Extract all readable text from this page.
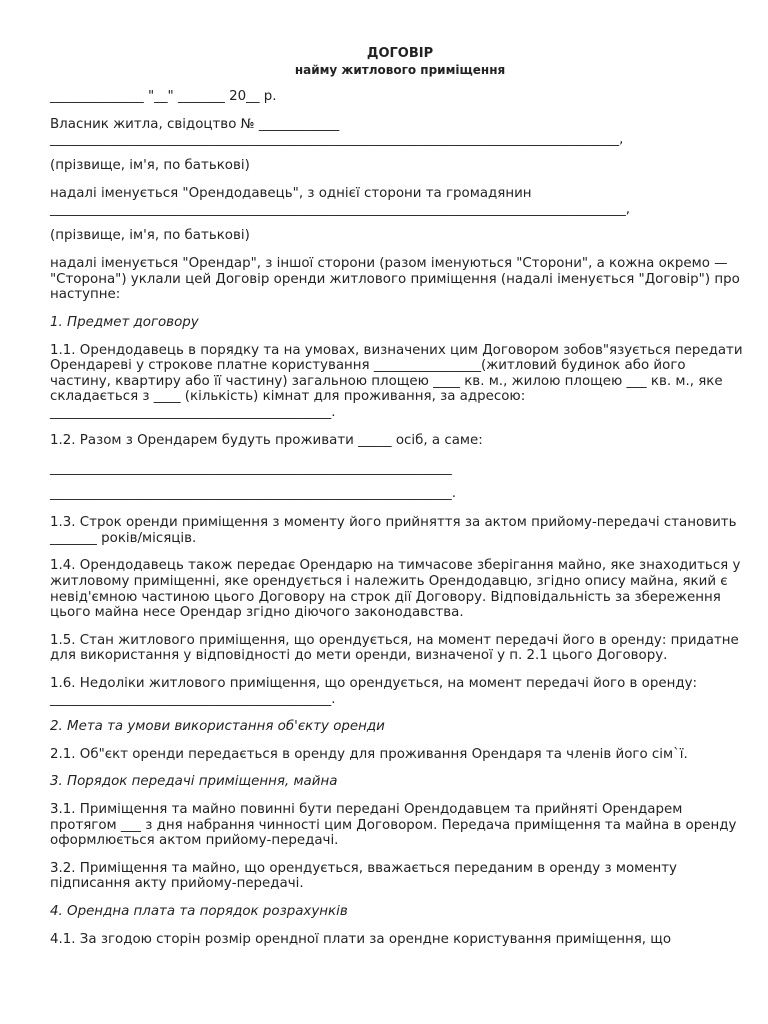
ДОГОВІР
найму житлового приміщення
______________ "__" _______ 20__ р.
Власник житла, свідоцтво № ____________
_____________________________________________________________________________________,
(прізвище, ім'я, по батькові)
надалі іменується "Орендодавець", з однієї сторони та громадянин
______________________________________________________________________________________,
(прізвище, ім'я, по батькові)
надалі іменується "Орендар", з іншої сторони (разом іменуються "Сторони", а кожна окремо — "Сторона") уклали цей Договір оренди житлового приміщення (надалі іменується "Договір") про наступне:
1. Предмет договору
1.1. Орендодавець в порядку та на умовах, визначених цим Договором зобов"язується передати Орендареві у строкове платне користування ________________(житловий будинок або його частину, квартиру або її частину) загальною площею ____ кв. м., жилою площею ___ кв. м., яке складається з ____ (кількість) кімнат для проживання, за адресою: __________________________________________.
1.2. Разом з Орендарем будуть проживати _____ осіб, а саме:
____________________________________________________________
____________________________________________________________.
1.3. Строк оренди приміщення з моменту його прийняття за актом прийому-передачі становить _______ років/місяців.
1.4. Орендодавець також передає Орендарю на тимчасове зберігання майно, яке знаходиться у житловому приміщенні, яке орендується і належить Орендодавцю, згідно опису майна, який є невід'ємною частиною цього Договору на строк дії Договору. Відповідальність за збереження цього майна несе Орендар згідно діючого законодавства.
1.5. Стан житлового приміщення, що орендується, на момент передачі його в оренду: придатне для використання у відповідності до мети оренди, визначеної у п. 2.1 цього Договору.
1.6. Недоліки житлового приміщення, що орендується, на момент передачі його в оренду: __________________________________________.
2. Мета та умови використання об'єкту оренди
2.1. Об"єкт оренди передається в оренду для проживання Орендаря та членів його сім`ї.
3. Порядок передачі приміщення, майна
3.1. Приміщення та майно повинні бути передані Орендодавцем та прийняті Орендарем протягом ___ з дня набрання чинності цим Договором. Передача приміщення та майна в оренду оформлюється актом прийому-передачі.
3.2. Приміщення та майно, що орендується, вважається переданим в оренду з моменту підписання акту прийому-передачі.
4. Орендна плата та порядок розрахунків
4.1. За згодою сторін розмір орендної плати за орендне користування приміщення, що
